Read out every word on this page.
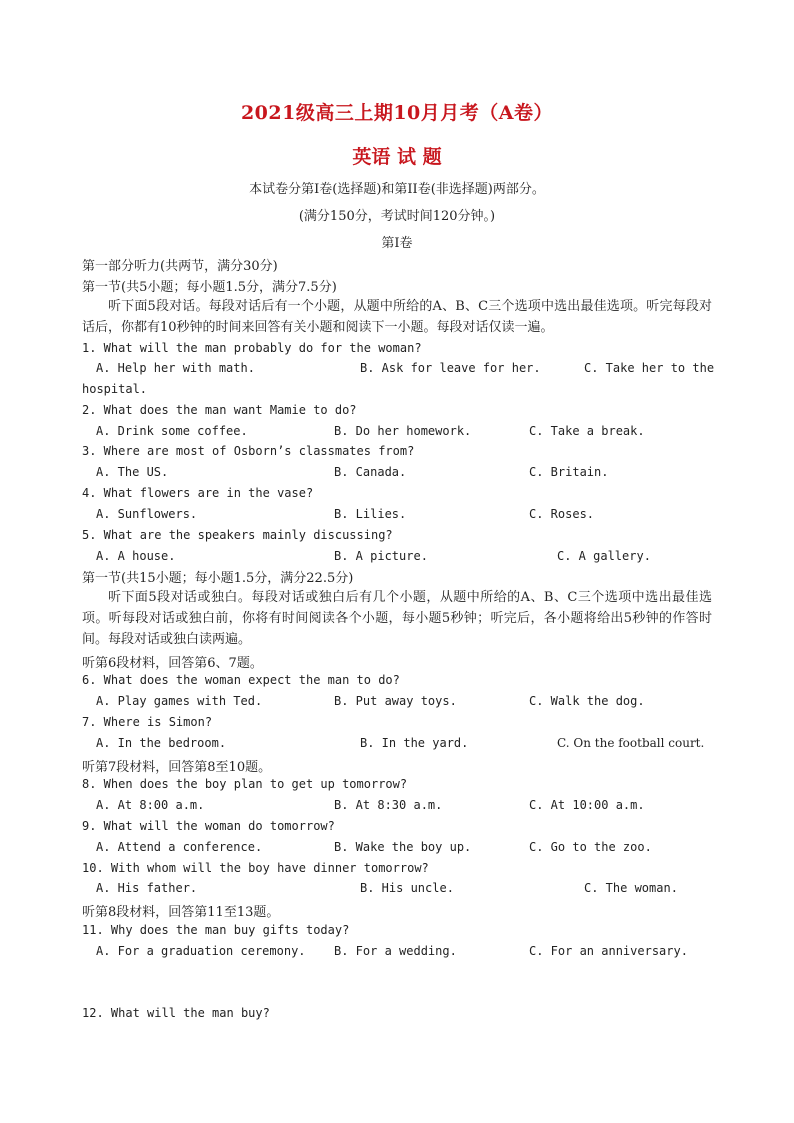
2021级高三上期10月月考（A卷）
英语 试 题
本试卷分第I卷(选择题)和第II卷(非选择题)两部分。
(满分150分，考试时间120分钟。)
第I卷
第一部分听力(共两节，满分30分)
第一节(共5小题；每小题1.5分，满分7.5分)
听下面5段对话。每段对话后有一个小题，从题中所给的A、B、C三个选项中选出最佳选项。听完每段对话后，你都有10秒钟的时间来回答有关小题和阅读下一小题。每段对话仅读一遍。
1. What will the man probably do for the woman?
A. Help her with math.	B. Ask for leave for her.	C. Take her to the
hospital.
2. What does the man want Mamie to do?
A. Drink some coffee.	B. Do her homework.	C. Take a break.
3. Where are most of Osborn’s classmates from?
A. The US.	B. Canada.	C. Britain.
4. What flowers are in the vase?
A. Sunflowers.	B. Lilies.	C. Roses.
5. What are the speakers mainly discussing?
A. A house.	B. A picture.	C. A gallery.
第一节(共15小题；每小题1.5分，满分22.5分)
听下面5段对话或独白。每段对话或独白后有几个小题，从题中所给的A、B、C三个选项中选出最佳选项。听每段对话或独白前，你将有时间阅读各个小题，每小题5秒钟；听完后，各小题将给出5秒钟的作答时间。每段对话或独白读两遍。
听第6段材料，回答第6、7题。
6. What does the woman expect the man to do?
A. Play games with Ted.	B. Put away toys.	C. Walk the dog.
7. Where is Simon?
A. In the bedroom.	B. In the yard.	C. On the football court.
听第7段材料，回答第8至10题。
8. When does the boy plan to get up tomorrow?
A. At 8:00 a.m.	B. At 8:30 a.m.	C. At 10:00 a.m.
9. What will the woman do tomorrow?
A. Attend a conference.	B. Wake the boy up.	C. Go to the zoo.
10. With whom will the boy have dinner tomorrow?
A. His father.	B. His uncle.	C. The woman.
听第8段材料，回答第11至13题。
11. Why does the man buy gifts today?
A. For a graduation ceremony. B. For a wedding.	C. For an anniversary.
12. What will the man buy?
